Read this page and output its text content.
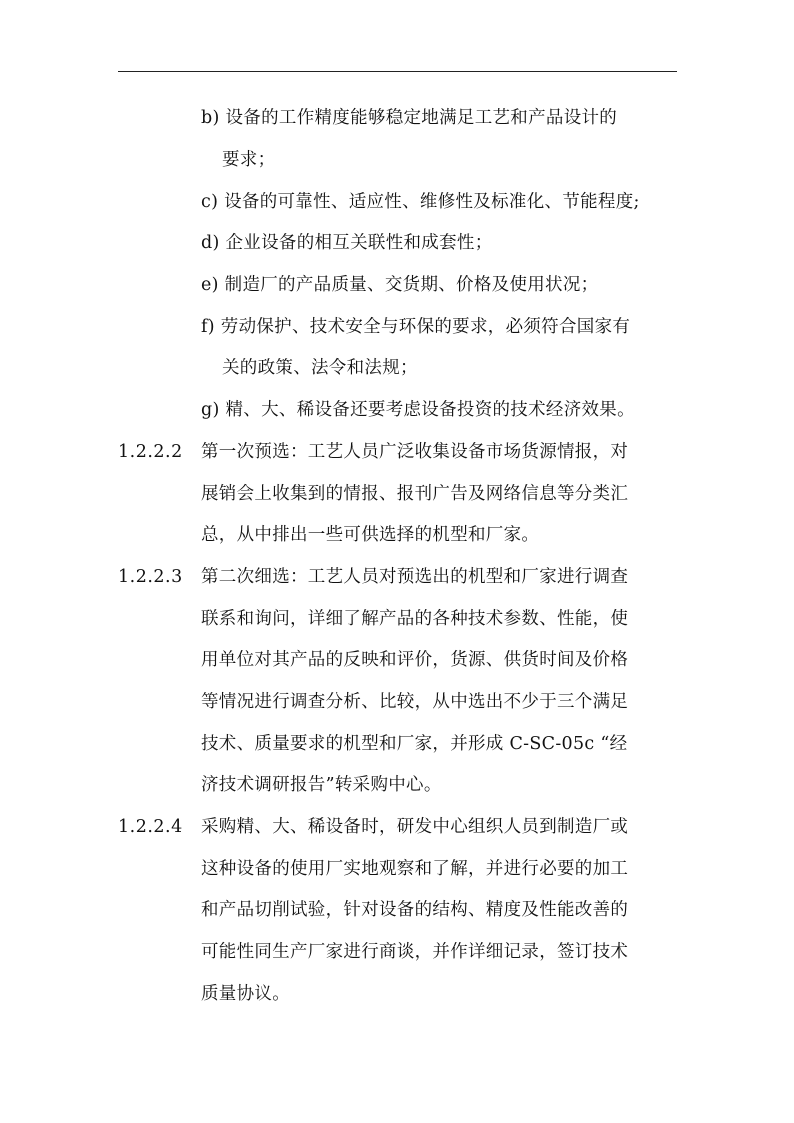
b) 设备的工作精度能够稳定地满足工艺和产品设计的
要求；
c) 设备的可靠性、适应性、维修性及标准化、节能程度;
d) 企业设备的相互关联性和成套性；
e) 制造厂的产品质量、交货期、价格及使用状况；
f) 劳动保护、技术安全与环保的要求，必须符合国家有
关的政策、法令和法规；
g) 精、大、稀设备还要考虑设备投资的技术经济效果。
1.2.2.2 第一次预选：工艺人员广泛收集设备市场货源情报，对
展销会上收集到的情报、报刊广告及网络信息等分类汇
总，从中排出一些可供选择的机型和厂家。
1.2.2.3 第二次细选：工艺人员对预选出的机型和厂家进行调查
联系和询问，详细了解产品的各种技术参数、性能，使
用单位对其产品的反映和评价，货源、供货时间及价格
等情况进行调查分析、比较，从中选出不少于三个满足
技术、质量要求的机型和厂家，并形成 C-SC-05c “经
济技术调研报告”转采购中心。
1.2.2.4 采购精、大、稀设备时，研发中心组织人员到制造厂或
这种设备的使用厂实地观察和了解，并进行必要的加工
和产品切削试验，针对设备的结构、精度及性能改善的
可能性同生产厂家进行商谈，并作详细记录，签订技术
质量协议。
